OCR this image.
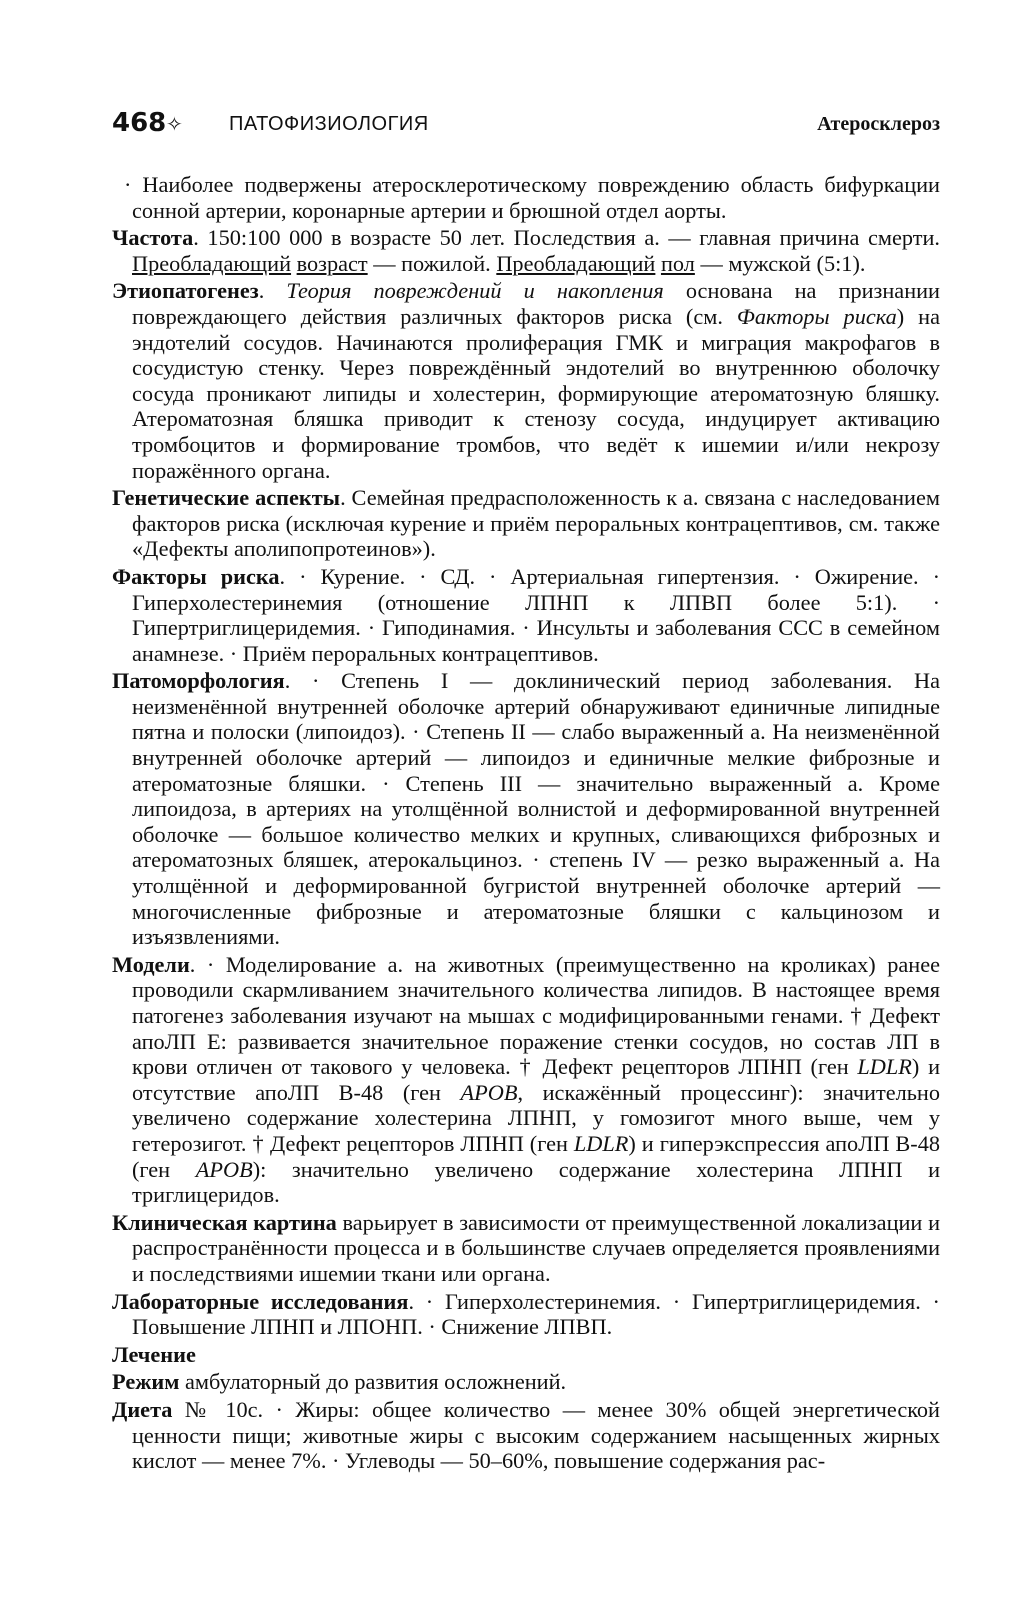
468 ✧ ПАТОФИЗИОЛОГИЯ	Атеросклероз

· Наиболее подвержены атеросклеротическому повреждению область бифуркации сонной артерии, коронарные артерии и брюшной отдел аорты.

Частота. 150:100 000 в возрасте 50 лет. Последствия а. — главная причина смерти. Преобладающий возраст — пожилой. Преобладающий пол — мужской (5:1).

Этиопатогенез. Теория повреждений и накопления основана на признании повреждающего действия различных факторов риска (см. Факторы риска) на эндотелий сосудов. Начинаются пролиферация ГМК и миграция макрофагов в сосудистую стенку. Через повреждённый эндотелий во внутреннюю оболочку сосуда проникают липиды и холестерин, формирующие атероматозную бляшку. Атероматозная бляшка приводит к стенозу сосуда, индуцирует активацию тромбоцитов и формирование тромбов, что ведёт к ишемии и/или некрозу поражённого органа.

Генетические аспекты. Семейная предрасположенность к а. связана с наследованием факторов риска (исключая курение и приём пероральных контрацептивов, см. также «Дефекты аполипопротеинов»).

Факторы риска. · Курение. · СД. · Артериальная гипертензия. · Ожирение. · Гиперхолестеринемия (отношение ЛПНП к ЛПВП более 5:1). · Гипертриглицеридемия. · Гиподинамия. · Инсульты и заболевания ССС в семейном анамнезе. · Приём пероральных контрацептивов.

Патоморфология. · Степень I — доклинический период заболевания. На неизменённой внутренней оболочке артерий обнаруживают единичные липидные пятна и полоски (липоидоз). · Степень II — слабо выраженный а. На неизменённой внутренней оболочке артерий — липоидоз и единичные мелкие фиброзные и атероматозные бляшки. · Степень III — значительно выраженный а. Кроме липоидоза, в артериях на утолщённой волнистой и деформированной внутренней оболочке — большое количество мелких и крупных, сливающихся фиброзных и атероматозных бляшек, атерокальциноз. · степень IV — резко выраженный а. На утолщённой и деформированной бугристой внутренней оболочке артерий — многочисленные фиброзные и атероматозные бляшки с кальцинозом и изъязвлениями.

Модели. · Моделирование а. на животных (преимущественно на кроликах) ранее проводили скармливанием значительного количества липидов. В настоящее время патогенез заболевания изучают на мышах с модифицированными генами. † Дефект апоЛП Е: развивается значительное поражение стенки сосудов, но состав ЛП в крови отличен от такового у человека. † Дефект рецепторов ЛПНП (ген LDLR) и отсутствие апоЛП В-48 (ген APOB, искажённый процессинг): значительно увеличено содержание холестерина ЛПНП, у гомозигот много выше, чем у гетерозигот. † Дефект рецепторов ЛПНП (ген LDLR) и гиперэкспрессия апоЛП В-48 (ген APOB): значительно увеличено содержание холестерина ЛПНП и триглицеридов.

Клиническая картина варьирует в зависимости от преимущественной локализации и распространённости процесса и в большинстве случаев определяется проявлениями и последствиями ишемии ткани или органа.

Лабораторные исследования. · Гиперхолестеринемия. · Гипертриглицеридемия. · Повышение ЛПНП и ЛПОНП. · Снижение ЛПВП.

Лечение

Режим амбулаторный до развития осложнений.

Диета № 10с. · Жиры: общее количество — менее 30% общей энергетической ценности пищи; животные жиры с высоким содержанием насыщенных жирных кислот — менее 7%. · Углеводы — 50–60%, повышение содержания рас-
